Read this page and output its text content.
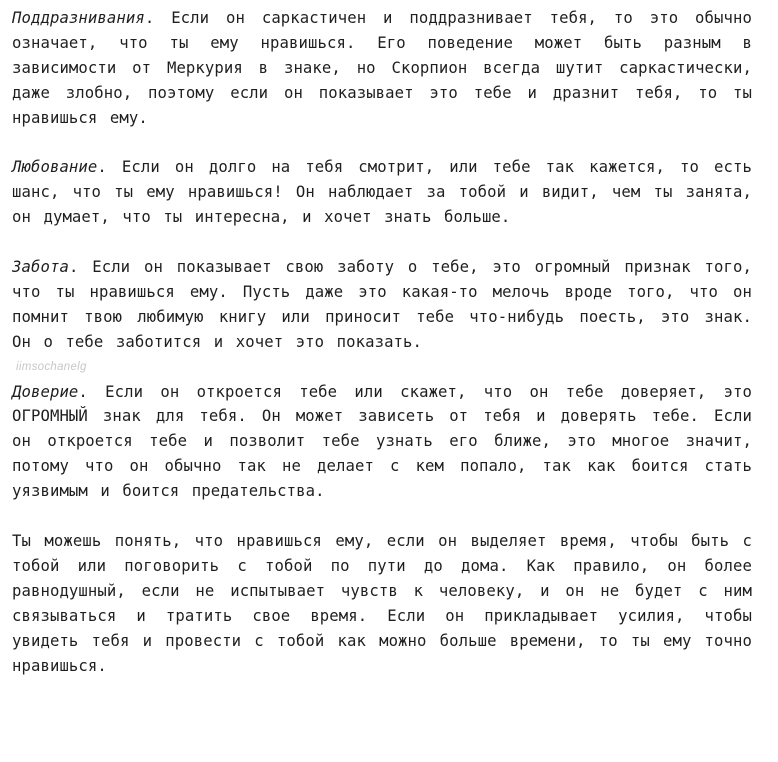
Поддразнивания. Если он саркастичен и поддразнивает тебя, то это обычно означает, что ты ему нравишься. Его поведение может быть разным в зависимости от Меркурия в знаке, но Скорпион всегда шутит саркастически, даже злобно, поэтому если он показывает это тебе и дразнит тебя, то ты нравишься ему.

Любование. Если он долго на тебя смотрит, или тебе так кажется, то есть шанс, что ты ему нравишься! Он наблюдает за тобой и видит, чем ты занята, он думает, что ты интересна, и хочет знать больше.

Забота. Если он показывает свою заботу о тебе, это огромный признак того, что ты нравишься ему. Пусть даже это какая-то мелочь вроде того, что он помнит твою любимую книгу или приносит тебе что-нибудь поесть, это знак. Он о тебе заботится и хочет это показать.

iimsochanelg

Доверие. Если он откроется тебе или скажет, что он тебе доверяет, это ОГРОМНЫЙ знак для тебя. Он может зависеть от тебя и доверять тебе. Если он откроется тебе и позволит тебе узнать его ближе, это многое значит, потому что он обычно так не делает с кем попало, так как боится стать уязвимым и боится предательства.

Ты можешь понять, что нравишься ему, если он выделяет время, чтобы быть с тобой или поговорить с тобой по пути до дома. Как правило, он более равнодушный, если не испытывает чувств к человеку, и он не будет с ним связываться и тратить свое время. Если он прикладывает усилия, чтобы увидеть тебя и провести с тобой как можно больше времени, то ты ему точно нравишься.
